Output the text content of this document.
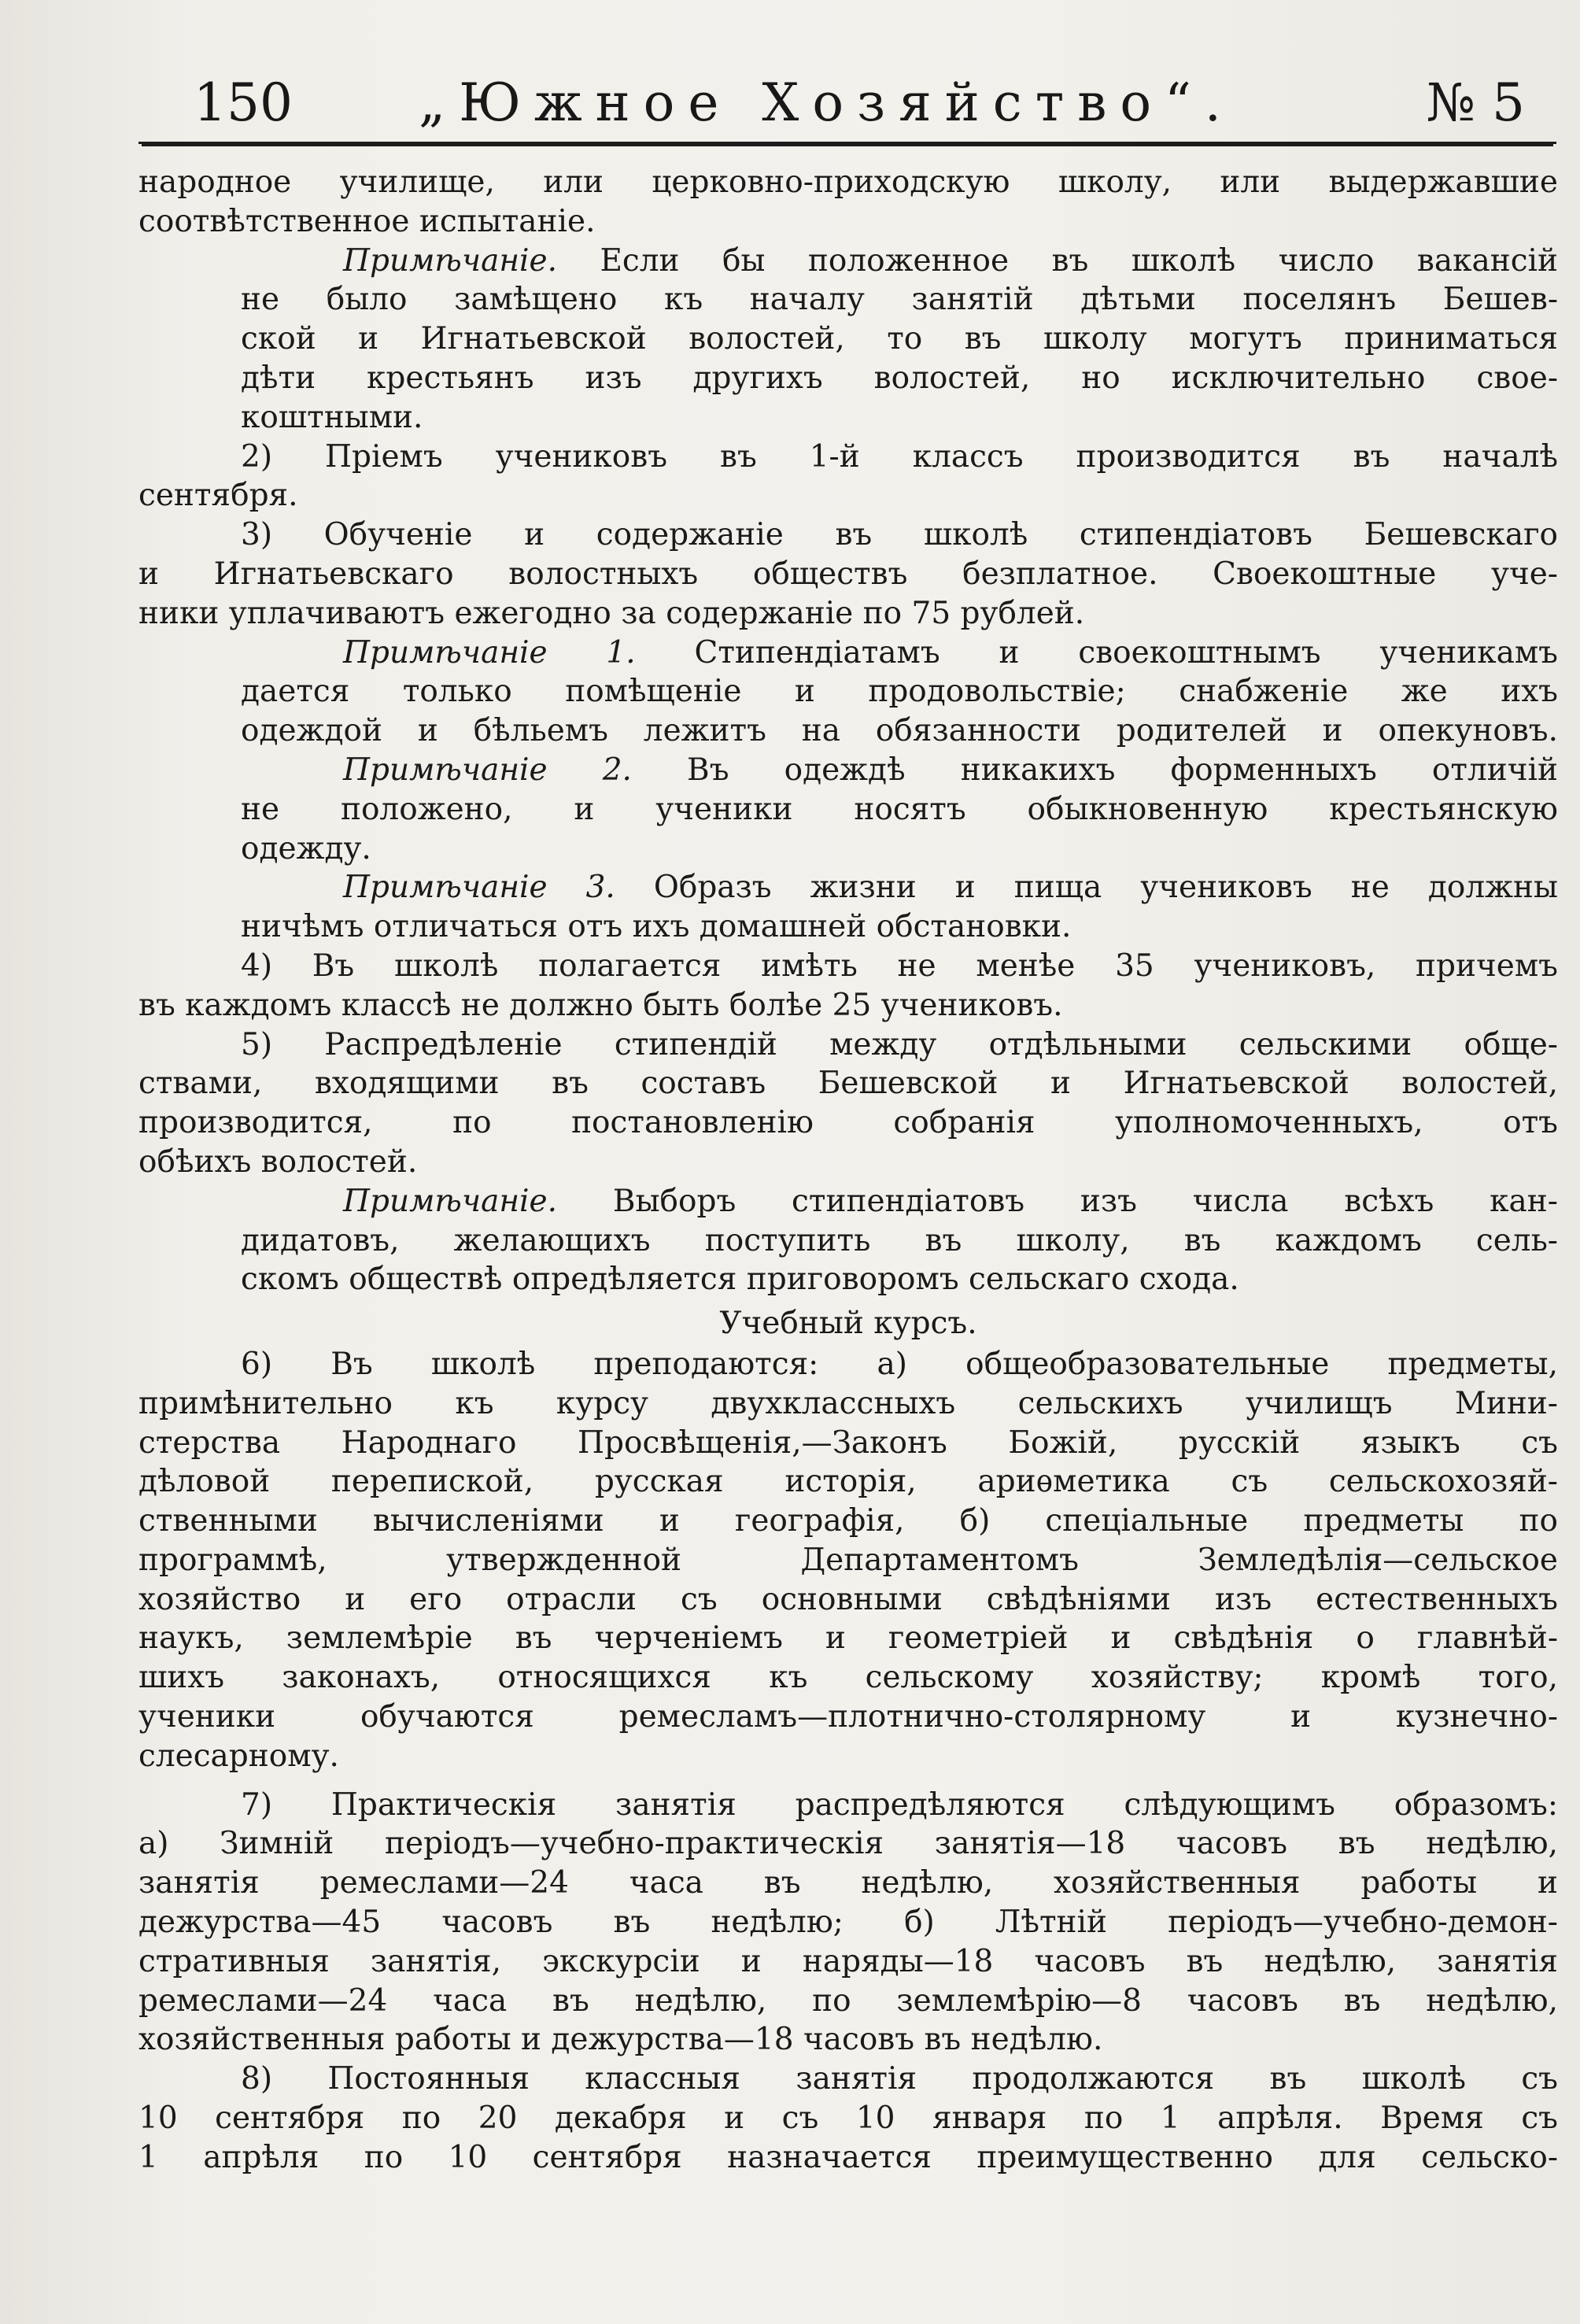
150 „Южное Хозяйство“.	№ 5

народное училище, или церковно-приходскую школу, или выдержавшие

соотвѣтственное испытанiе.

Примѣчанiе. Если бы положенное въ школѣ число вакансiй

не было замѣщено къ началу занятiй дѣтьми поселянъ Бешев-

ской и Игнатьевской волостей, то въ школу могутъ приниматься

дѣти крестьянъ изъ другихъ волостей, но исключительно свое-

коштными.

2) Прiемъ учениковъ въ 1-й классъ производится въ началѣ

сентября.

3) Обученiе и содержанiе въ школѣ стипендiатовъ Бешевскаго

и Игнатьевскаго волостныхъ обществъ безплатное. Своекоштные уче-

ники уплачиваютъ ежегодно за содержанiе по 75 рублей.

Примѣчанiе 1. Стипендiатамъ и своекоштнымъ ученикамъ

дается только помѣщенiе и продовольствiе; снабженiе же ихъ

одеждой и бѣльемъ лежитъ на обязанности родителей и опекуновъ.

Примѣчанiе 2. Въ одеждѣ никакихъ форменныхъ отличiй

не положено, и ученики носятъ обыкновенную крестьянскую

одежду.

Примѣчанiе 3. Образъ жизни и пища учениковъ не должны

ничѣмъ отличаться отъ ихъ домашней обстановки.

4) Въ школѣ полагается имѣть не менѣе 35 учениковъ, причемъ

въ каждомъ классѣ не должно быть болѣе 25 учениковъ.

5) Распредѣленiе стипендiй между отдѣльными сельскими обще-

ствами, входящими въ составъ Бешевской и Игнатьевской волостей,

производится, по постановленiю собранiя уполномоченныхъ, отъ

обѣихъ волостей.

Примѣчанiе. Выборъ стипендiатовъ изъ числа всѣхъ кан-

дидатовъ, желающихъ поступить въ школу, въ каждомъ сель-

скомъ обществѣ опредѣляется приговоромъ сельскаго схода.

Учебный курсъ.

6) Въ школѣ преподаются: а) общеобразовательные предметы,

примѣнительно къ курсу двухклассныхъ сельскихъ училищъ Мини-

стерства Народнаго Просвѣщенiя,—Законъ Божiй, русскiй языкъ съ

дѣловой перепиской, русская исторiя, ариѳметика съ сельскохозяй-

ственными вычисленiями и географiя, б) спецiальные предметы по

программѣ, утвержденной Департаментомъ Земледѣлiя—сельское

хозяйство и его отрасли съ основными свѣдѣнiями изъ естественныхъ

наукъ, землемѣрiе въ черченiемъ и геометрiей и свѣдѣнiя о главнѣй-

шихъ законахъ, относящихся къ сельскому хозяйству; кромѣ того,

ученики обучаются ремесламъ—плотнично-столярному и кузнечно-

слесарному.

7) Практическiя занятiя распредѣляются слѣдующимъ образомъ:

а) Зимнiй перiодъ—учебно-практическiя занятiя—18 часовъ въ недѣлю,

занятiя ремеслами—24 часа въ недѣлю, хозяйственныя работы и

дежурства—45 часовъ въ недѣлю; б) Лѣтнiй перiодъ—учебно-демон-

стративныя занятiя, экскурсiи и наряды—18 часовъ въ недѣлю, занятiя

ремеслами—24 часа въ недѣлю, по землемѣрiю—8 часовъ въ недѣлю,

хозяйственныя работы и дежурства—18 часовъ въ недѣлю.

8) Постоянныя классныя занятiя продолжаются въ школѣ съ

10 сентября по 20 декабря и съ 10 января по 1 апрѣля. Время съ

1 апрѣля по 10 сентября назначается преимущественно для сельско-
